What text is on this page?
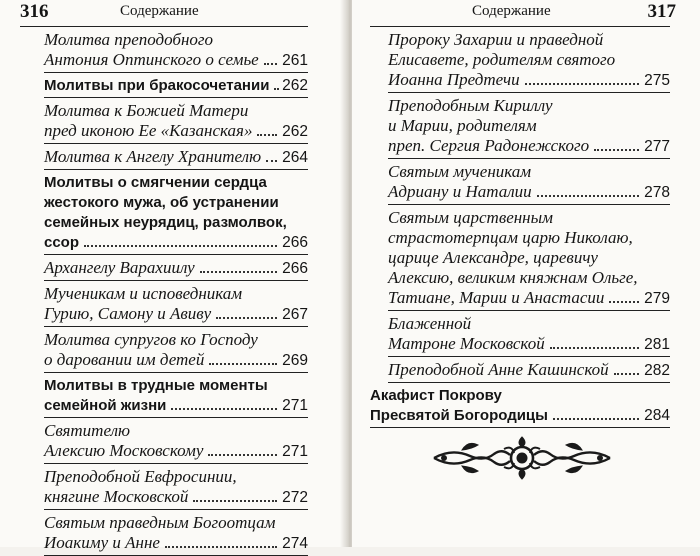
316	Содержание
Молитва преподобного
Антония Оптинского о семье 261
Молитвы при бракосочетании 262
Молитва к Божией Матери
пред иконою Ее «Казанская» 262
Молитва к Ангелу Хранителю 264
Молитвы о смягчении сердца
жестокого мужа, об устранении
семейных неурядиц, размолвок,
ссор	266
Архангелу Варахиилу	266
Мученикам и исповедникам
Гурию, Самону и Авиву	267
Молитва супругов ко Господу
о даровании им детей	269
Молитвы в трудные моменты
семейной жизни	271
Святителю
Алексию Московскому	271
Преподобной Евфросинии,
княгине Московской	272
Святым праведным Богоотцам
Иоакиму и Анне	274
Содержание	317
Пророку Захарии и праведной
Елисавете, родителям святого
Иоанна Предтечи	275
Преподобным Кириллу
и Марии, родителям
преп. Сергия Радонежского	277
Святым мученикам
Адриану и Наталии	278
Святым царственным
страстотерпцам царю Николаю,
царице Александре, царевичу
Алексию, великим княжнам Ольге,
Татиане, Марии и Анастасии	279
Блаженной
Матроне Московской	281
Преподобной Анне Кашинской 282
Акафист Покрову
Пресвятой Богородицы	284
